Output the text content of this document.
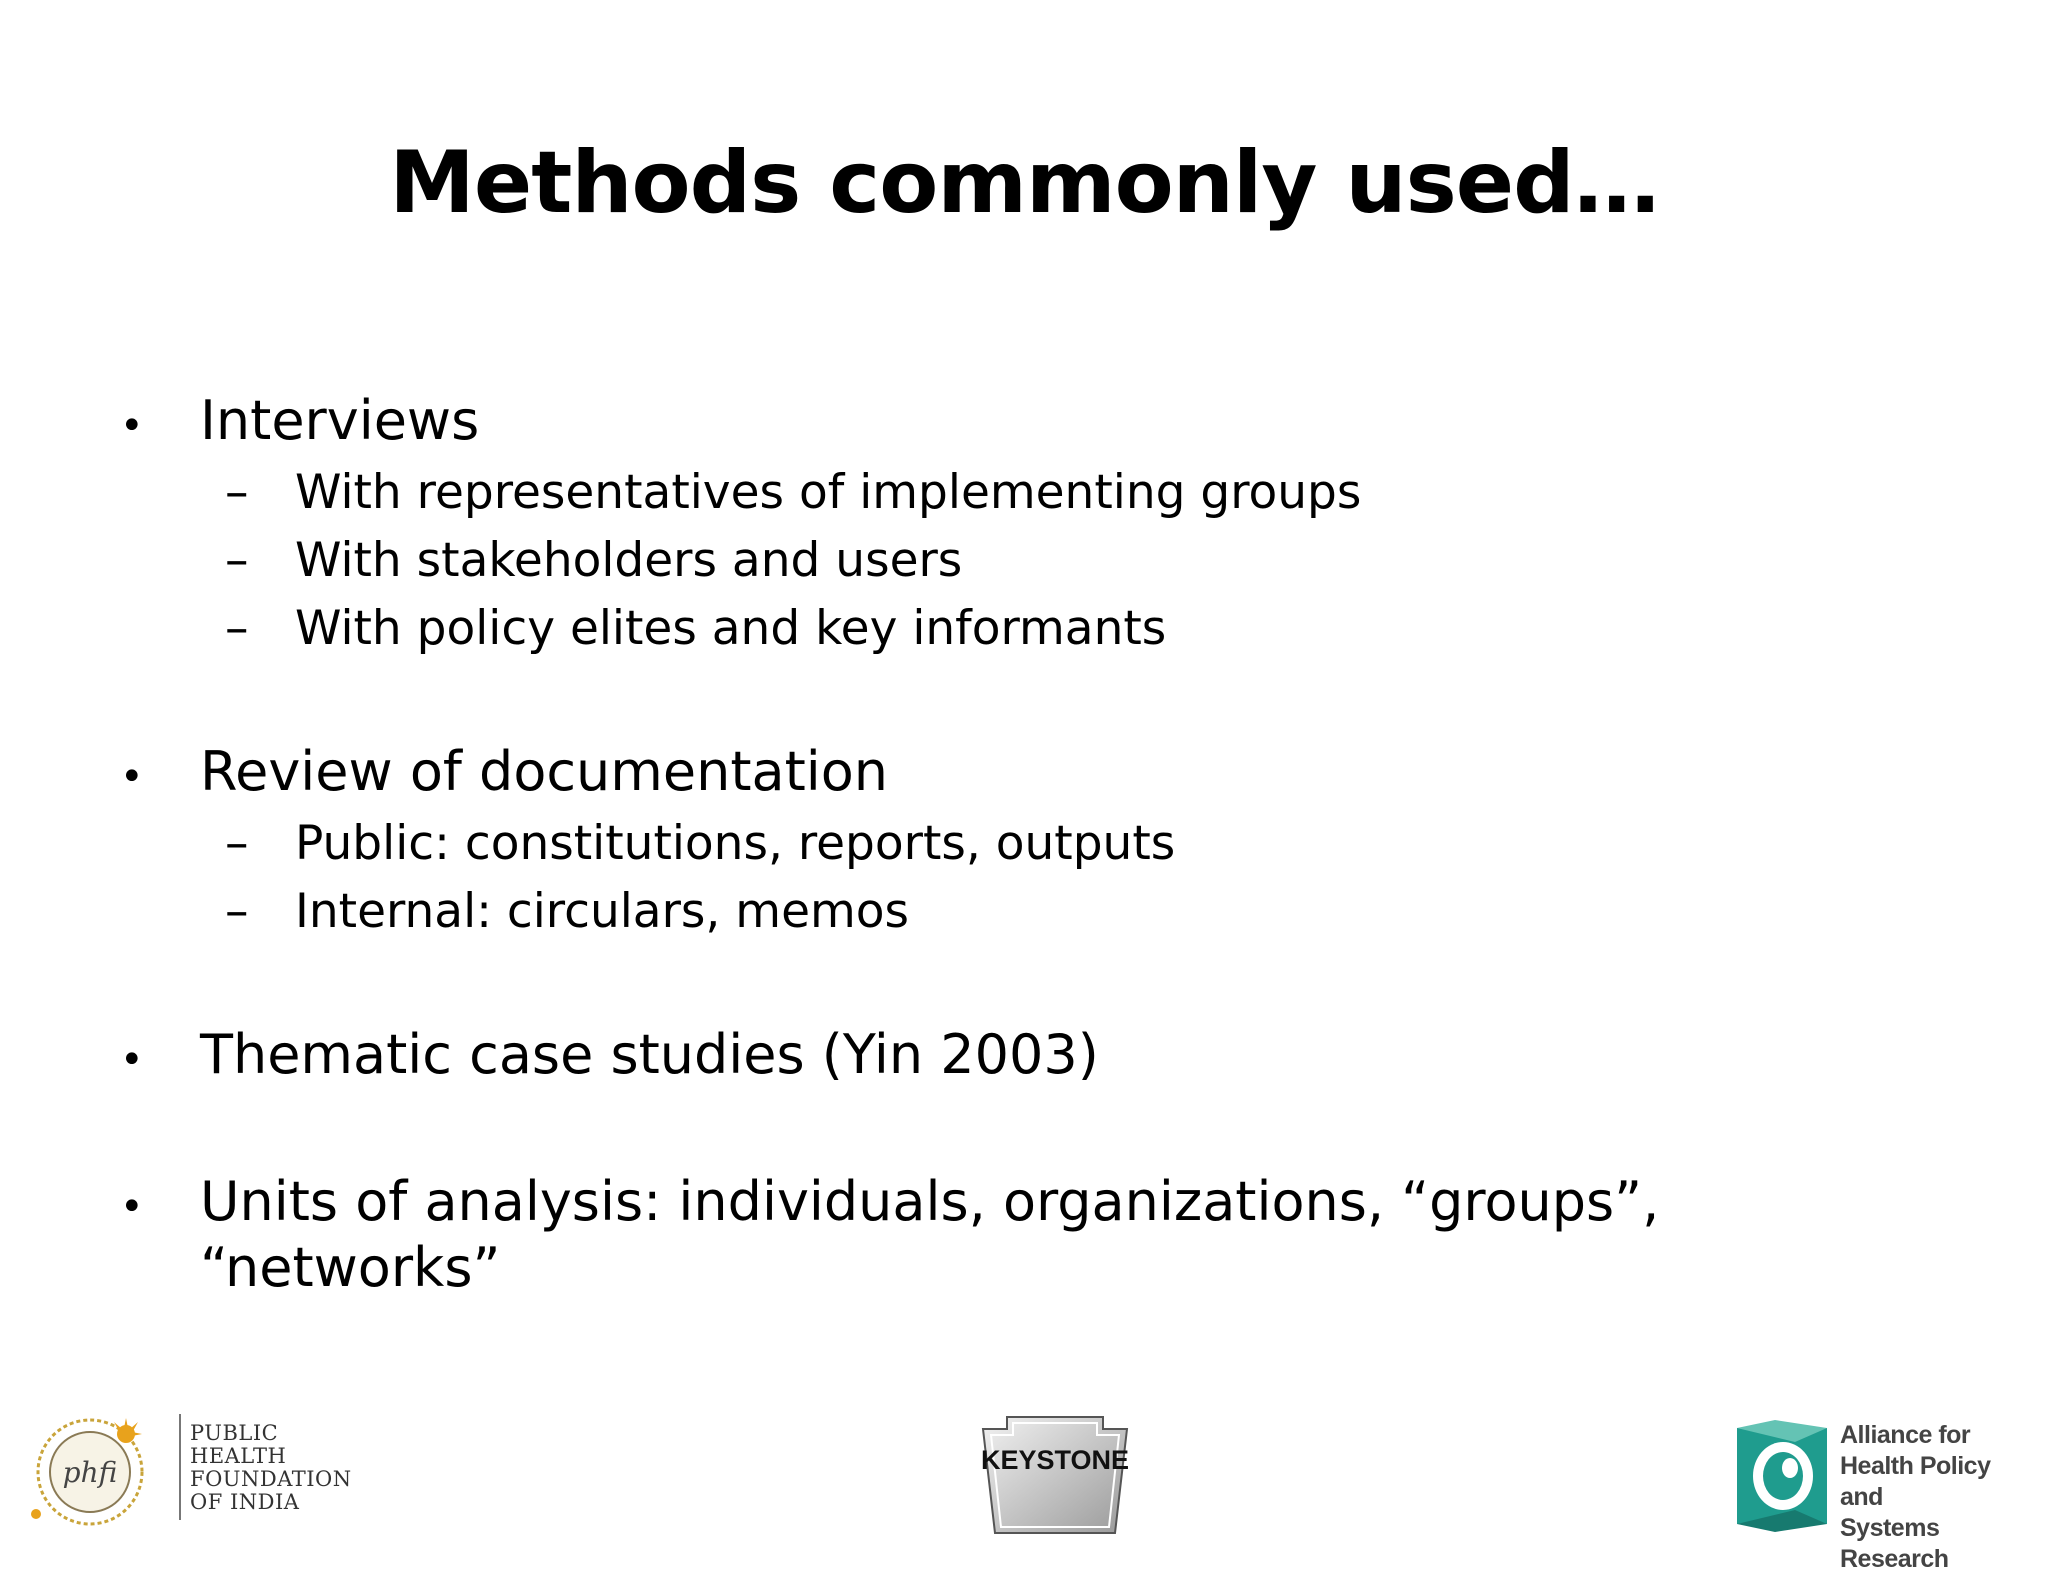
Methods commonly used…
•	Interviews
– With representatives of implementing groups
– With stakeholders and users
– With policy elites and key informants
•	Review of documentation
– Public: constitutions, reports, outputs
– Internal: circulars, memos
•	Thematic case studies (Yin 2003)
•	Units of analysis: individuals, organizations, “groups”, “networks”
phfi
PUBLIC
HEALTH
FOUNDATION
OF INDIA
KEYSTONE
Alliance for
Health Policy and
Systems Research
